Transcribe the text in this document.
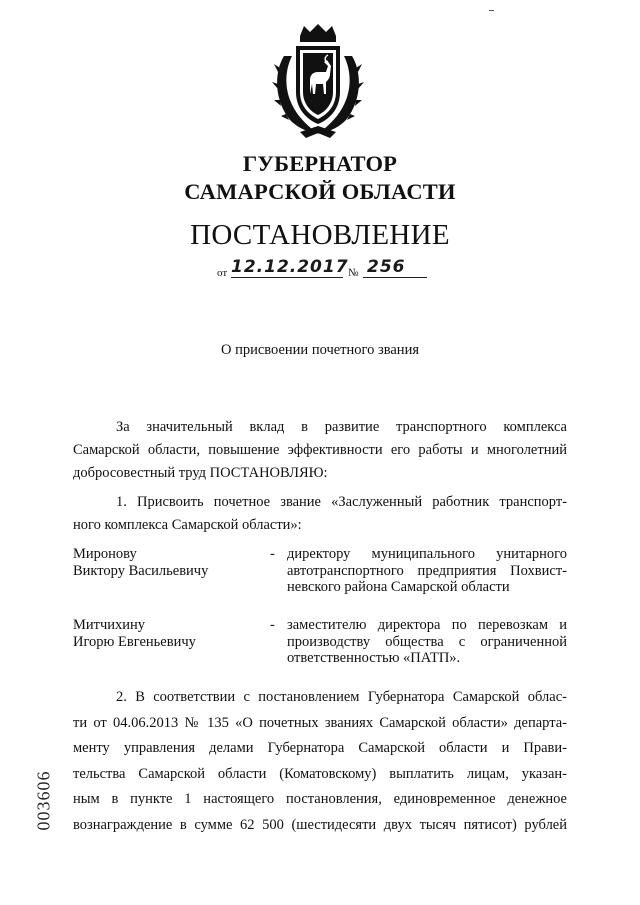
ГУБЕРНАТОР
САМАРСКОЙ ОБЛАСТИ
ПОСТАНОВЛЕНИЕ
от 12.12.2017 № 256
О присвоении почетного звания
За значительный вклад в развитие транспортного комплекса
Самарской области, повышение эффективности его работы и многолетний
добросовестный труд ПОСТАНОВЛЯЮ:
1. Присвоить почетное звание «Заслуженный работник транспорт-
ного комплекса Самарской области»:
Миронову
Виктору Васильевичу
- директору муниципального унитарного
автотранспортного предприятия Похвист-
невского района Самарской области
Митчихину
Игорю Евгеньевичу
- заместителю директора по перевозкам и
производству общества с ограниченной
ответственностью «ПАТП».
2. В соответствии с постановлением Губернатора Самарской облас-
ти от 04.06.2013 № 135 «О почетных званиях Самарской области» департа-
менту управления делами Губернатора Самарской области и Прави-
тельства Самарской области (Коматовскому) выплатить лицам, указан-
ным в пункте 1 настоящего постановления, единовременное денежное
вознаграждение в сумме 62 500 (шестидесяти двух тысяч пятисот) рублей
003606
